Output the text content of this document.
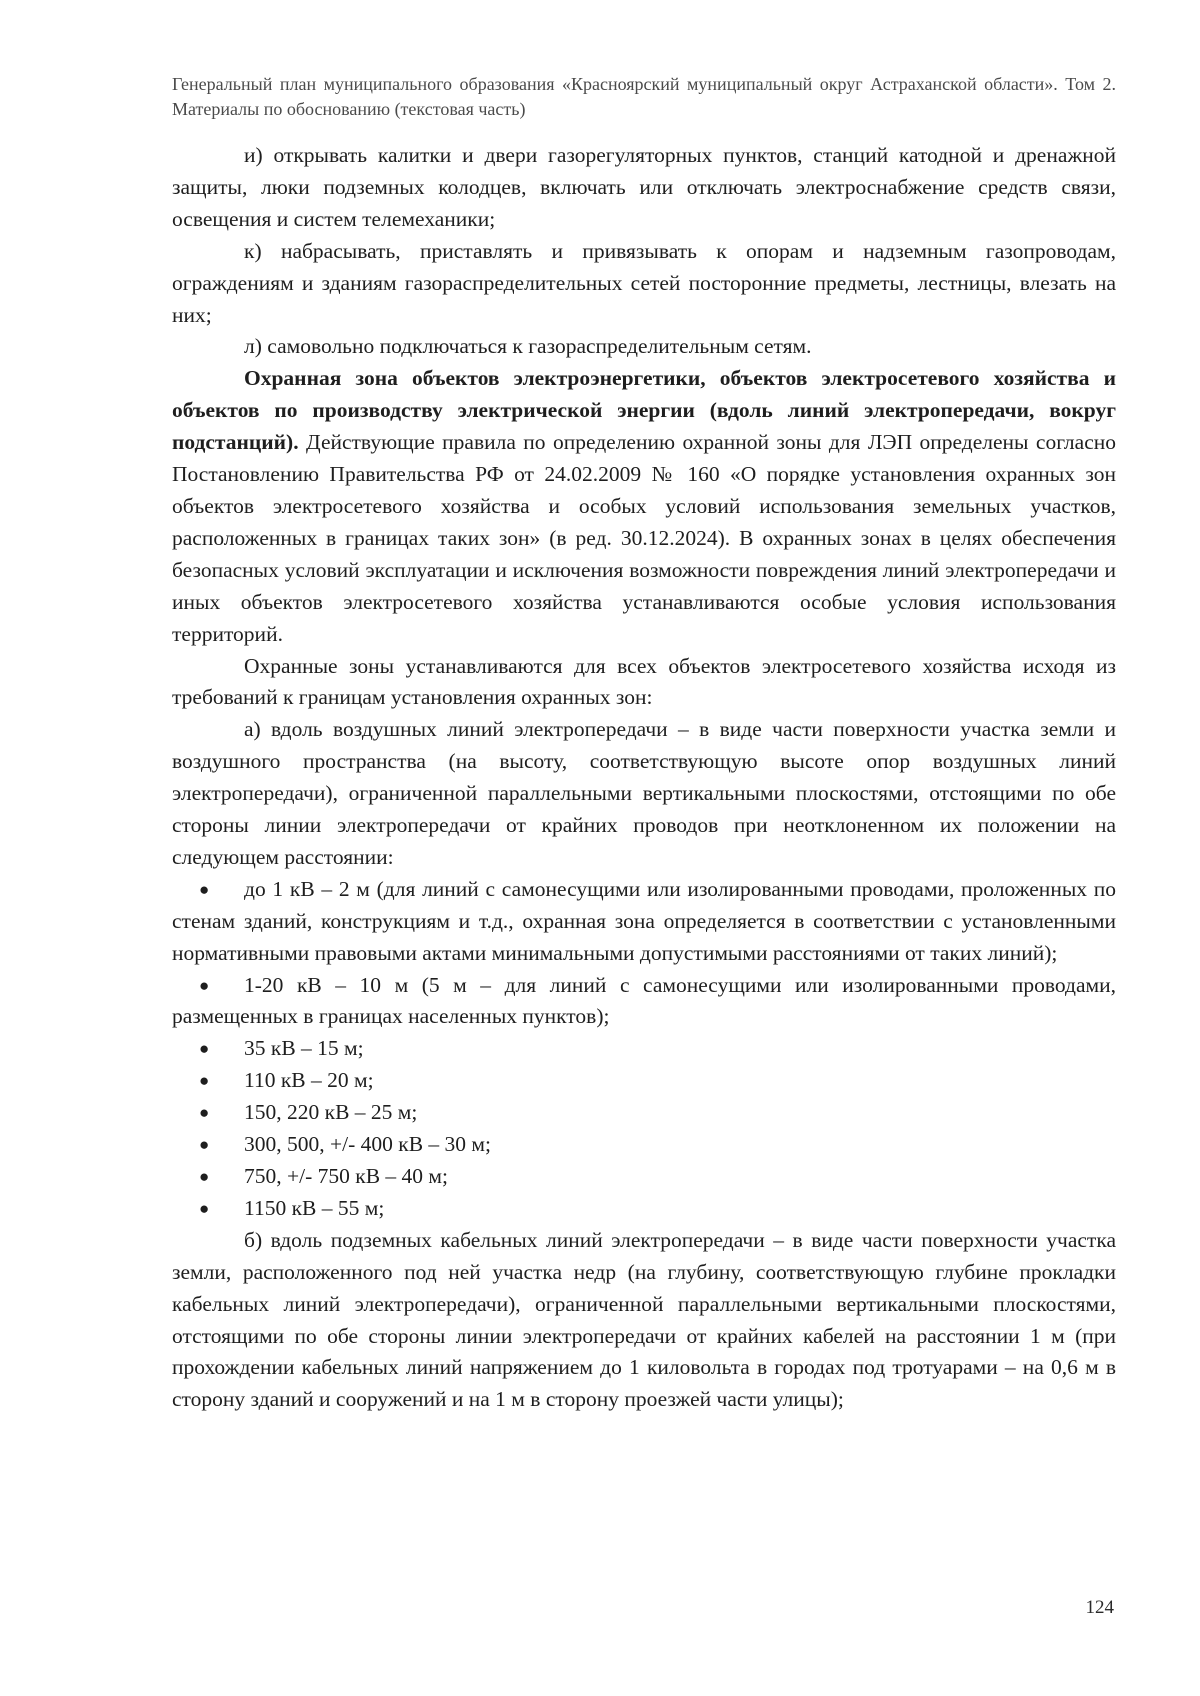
Генеральный план муниципального образования «Красноярский муниципальный округ Астраханской области». Том 2. Материалы по обоснованию (текстовая часть)

и) открывать калитки и двери газорегуляторных пунктов, станций катодной и дренажной защиты, люки подземных колодцев, включать или отключать электроснабжение средств связи, освещения и систем телемеханики;

к) набрасывать, приставлять и привязывать к опорам и надземным газопроводам, ограждениям и зданиям газораспределительных сетей посторонние предметы, лестницы, влезать на них;

л) самовольно подключаться к газораспределительным сетям.

Охранная зона объектов электроэнергетики, объектов электросетевого хозяйства и объектов по производству электрической энергии (вдоль линий электропередачи, вокруг подстанций). Действующие правила по определению охранной зоны для ЛЭП определены согласно Постановлению Правительства РФ от 24.02.2009 № 160 «О порядке установления охранных зон объектов электросетевого хозяйства и особых условий использования земельных участков, расположенных в границах таких зон» (в ред. 30.12.2024). В охранных зонах в целях обеспечения безопасных условий эксплуатации и исключения возможности повреждения линий электропередачи и иных объектов электросетевого хозяйства устанавливаются особые условия использования территорий.

Охранные зоны устанавливаются для всех объектов электросетевого хозяйства исходя из требований к границам установления охранных зон:

а) вдоль воздушных линий электропередачи – в виде части поверхности участка земли и воздушного пространства (на высоту, соответствующую высоте опор воздушных линий электропередачи), ограниченной параллельными вертикальными плоскостями, отстоящими по обе стороны линии электропередачи от крайних проводов при неотклоненном их положении на следующем расстоянии:

●	до 1 кВ – 2 м (для линий с самонесущими или изолированными проводами, проложенных по стенам зданий, конструкциям и т.д., охранная зона определяется в соответствии с установленными нормативными правовыми актами минимальными допустимыми расстояниями от таких линий);
●	1-20 кВ – 10 м (5 м – для линий с самонесущими или изолированными проводами, размещенных в границах населенных пунктов);
●	35 кВ – 15 м;
●	110 кВ – 20 м;
●	150, 220 кВ – 25 м;
●	300, 500, +/- 400 кВ – 30 м;
●	750, +/- 750 кВ – 40 м;
●	1150 кВ – 55 м;

б) вдоль подземных кабельных линий электропередачи – в виде части поверхности участка земли, расположенного под ней участка недр (на глубину, соответствующую глубине прокладки кабельных линий электропередачи), ограниченной параллельными вертикальными плоскостями, отстоящими по обе стороны линии электропередачи от крайних кабелей на расстоянии 1 м (при прохождении кабельных линий напряжением до 1 киловольта в городах под тротуарами – на 0,6 м в сторону зданий и сооружений и на 1 м в сторону проезжей части улицы);

124
